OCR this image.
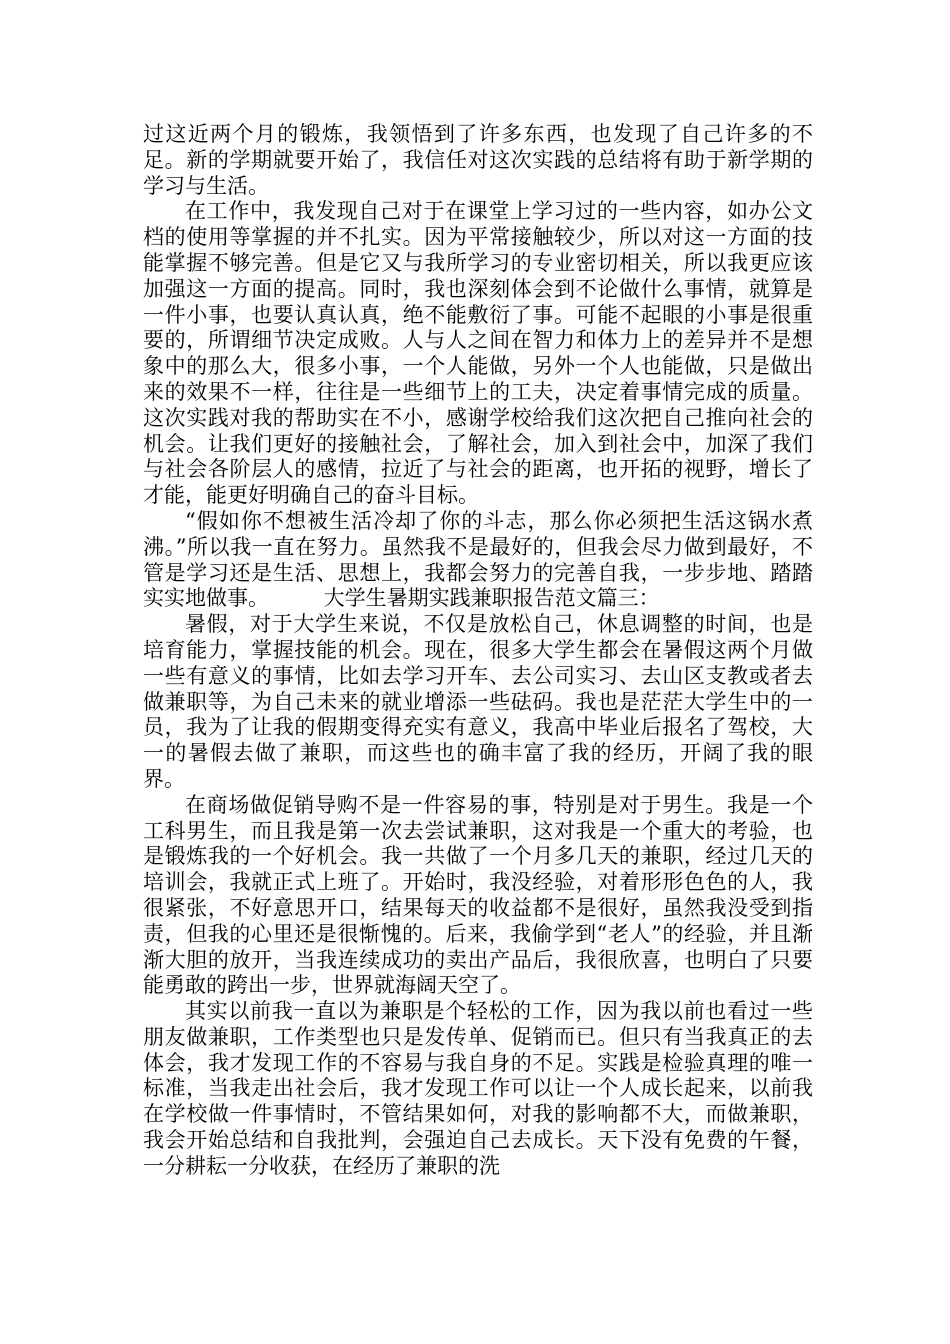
过这近两个月的锻炼，我领悟到了许多东西，也发现了自己许多的不足。新的学期就要开始了，我信任对这次实践的总结将有助于新学期的学习与生活。

在工作中，我发现自己对于在课堂上学习过的一些内容，如办公文档的使用等掌握的并不扎实。因为平常接触较少，所以对这一方面的技能掌握不够完善。但是它又与我所学习的专业密切相关，所以我更应该加强这一方面的提高。同时，我也深刻体会到不论做什么事情，就算是一件小事，也要认真认真，绝不能敷衍了事。可能不起眼的小事是很重要的，所谓细节决定成败。人与人之间在智力和体力上的差异并不是想象中的那么大，很多小事，一个人能做，另外一个人也能做，只是做出来的效果不一样，往往是一些细节上的工夫，决定着事情完成的质量。这次实践对我的帮助实在不小，感谢学校给我们这次把自己推向社会的机会。让我们更好的接触社会，了解社会，加入到社会中，加深了我们与社会各阶层人的感情，拉近了与社会的距离，也开拓的视野，增长了才能，能更好明确自己的奋斗目标。

“假如你不想被生活冷却了你的斗志，那么你必须把生活这锅水煮沸。”所以我一直在努力。虽然我不是最好的，但我会尽力做到最好，不管是学习还是生活、思想上，我都会努力的完善自我，一步步地、踏踏实实地做事。	大学生暑期实践兼职报告范文篇三：

暑假，对于大学生来说，不仅是放松自己，休息调整的时间，也是培育能力，掌握技能的机会。现在，很多大学生都会在暑假这两个月做一些有意义的事情，比如去学习开车、去公司实习、去山区支教或者去做兼职等，为自己未来的就业增添一些砝码。我也是茫茫大学生中的一员，我为了让我的假期变得充实有意义，我高中毕业后报名了驾校，大一的暑假去做了兼职，而这些也的确丰富了我的经历，开阔了我的眼界。

在商场做促销导购不是一件容易的事，特别是对于男生。我是一个工科男生，而且我是第一次去尝试兼职，这对我是一个重大的考验，也是锻炼我的一个好机会。我一共做了一个月多几天的兼职，经过几天的培训会，我就正式上班了。开始时，我没经验，对着形形色色的人，我很紧张，不好意思开口，结果每天的收益都不是很好，虽然我没受到指责，但我的心里还是很惭愧的。后来，我偷学到“老人”的经验，并且渐渐大胆的放开，当我连续成功的卖出产品后，我很欣喜，也明白了只要能勇敢的跨出一步，世界就海阔天空了。

其实以前我一直以为兼职是个轻松的工作，因为我以前也看过一些朋友做兼职，工作类型也只是发传单、促销而已。但只有当我真正的去体会，我才发现工作的不容易与我自身的不足。实践是检验真理的唯一标准，当我走出社会后，我才发现工作可以让一个人成长起来，以前我在学校做一件事情时，不管结果如何，对我的影响都不大，而做兼职，我会开始总结和自我批判，会强迫自己去成长。天下没有免费的午餐，一分耕耘一分收获，在经历了兼职的洗
